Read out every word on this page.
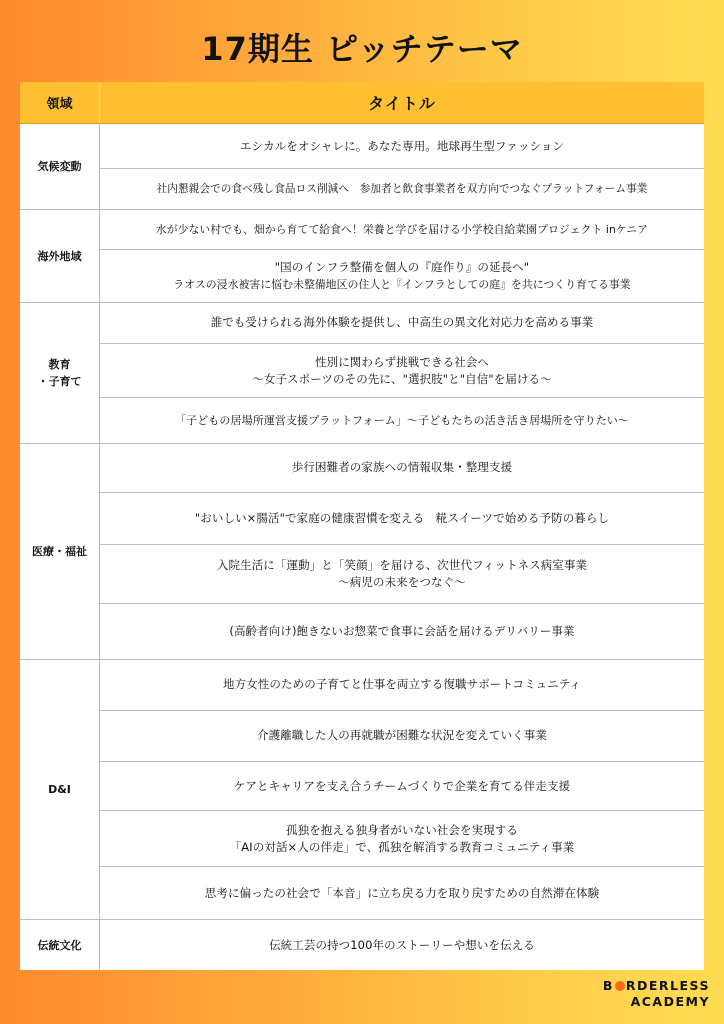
17期生 ピッチテーマ
領域	タイトル
気候変動
エシカルをオシャレに。あなた専用。地球再生型ファッション
社内懇親会での食べ残し食品ロス削減へ　参加者と飲食事業者を双方向でつなぐプラットフォーム事業
海外地域
水が少ない村でも、畑から育てて給食へ！栄養と学びを届ける小学校自給菜園プロジェクト inケニア
"国のインフラ整備を個人の『庭作り』の延長へ"
ラオスの浸水被害に悩む未整備地区の住人と『インフラとしての庭』を共につくり育てる事業
教育
・子育て
誰でも受けられる海外体験を提供し、中高生の異文化対応力を高める事業
性別に関わらず挑戦できる社会へ
〜女子スポーツのその先に、"選択肢"と"自信"を届ける〜
「子どもの居場所運営支援プラットフォーム」〜子どもたちの活き活き居場所を守りたい〜
医療・福祉
歩行困難者の家族への情報収集・整理支援
"おいしい×腸活"で家庭の健康習慣を変える　糀スイーツで始める予防の暮らし
入院生活に「運動」と「笑顔」を届ける、次世代フィットネス病室事業
〜病児の未来をつなぐ〜
(高齢者向け)飽きないお惣菜で食事に会話を届けるデリバリー事業
D&I
地方女性のための子育てと仕事を両立する復職サポートコミュニティ
介護離職した人の再就職が困難な状況を変えていく事業
ケアとキャリアを支え合うチームづくりで企業を育てる伴走支援
孤独を抱える独身者がいない社会を実現する
「AIの対話×人の伴走」で、孤独を解消する教育コミュニティ事業
思考に偏ったの社会で「本音」に立ち戻る力を取り戻すための自然滞在体験
伝統文化	伝統工芸の持つ100年のストーリーや想いを伝える
B RDERLESS
ACADEMY
